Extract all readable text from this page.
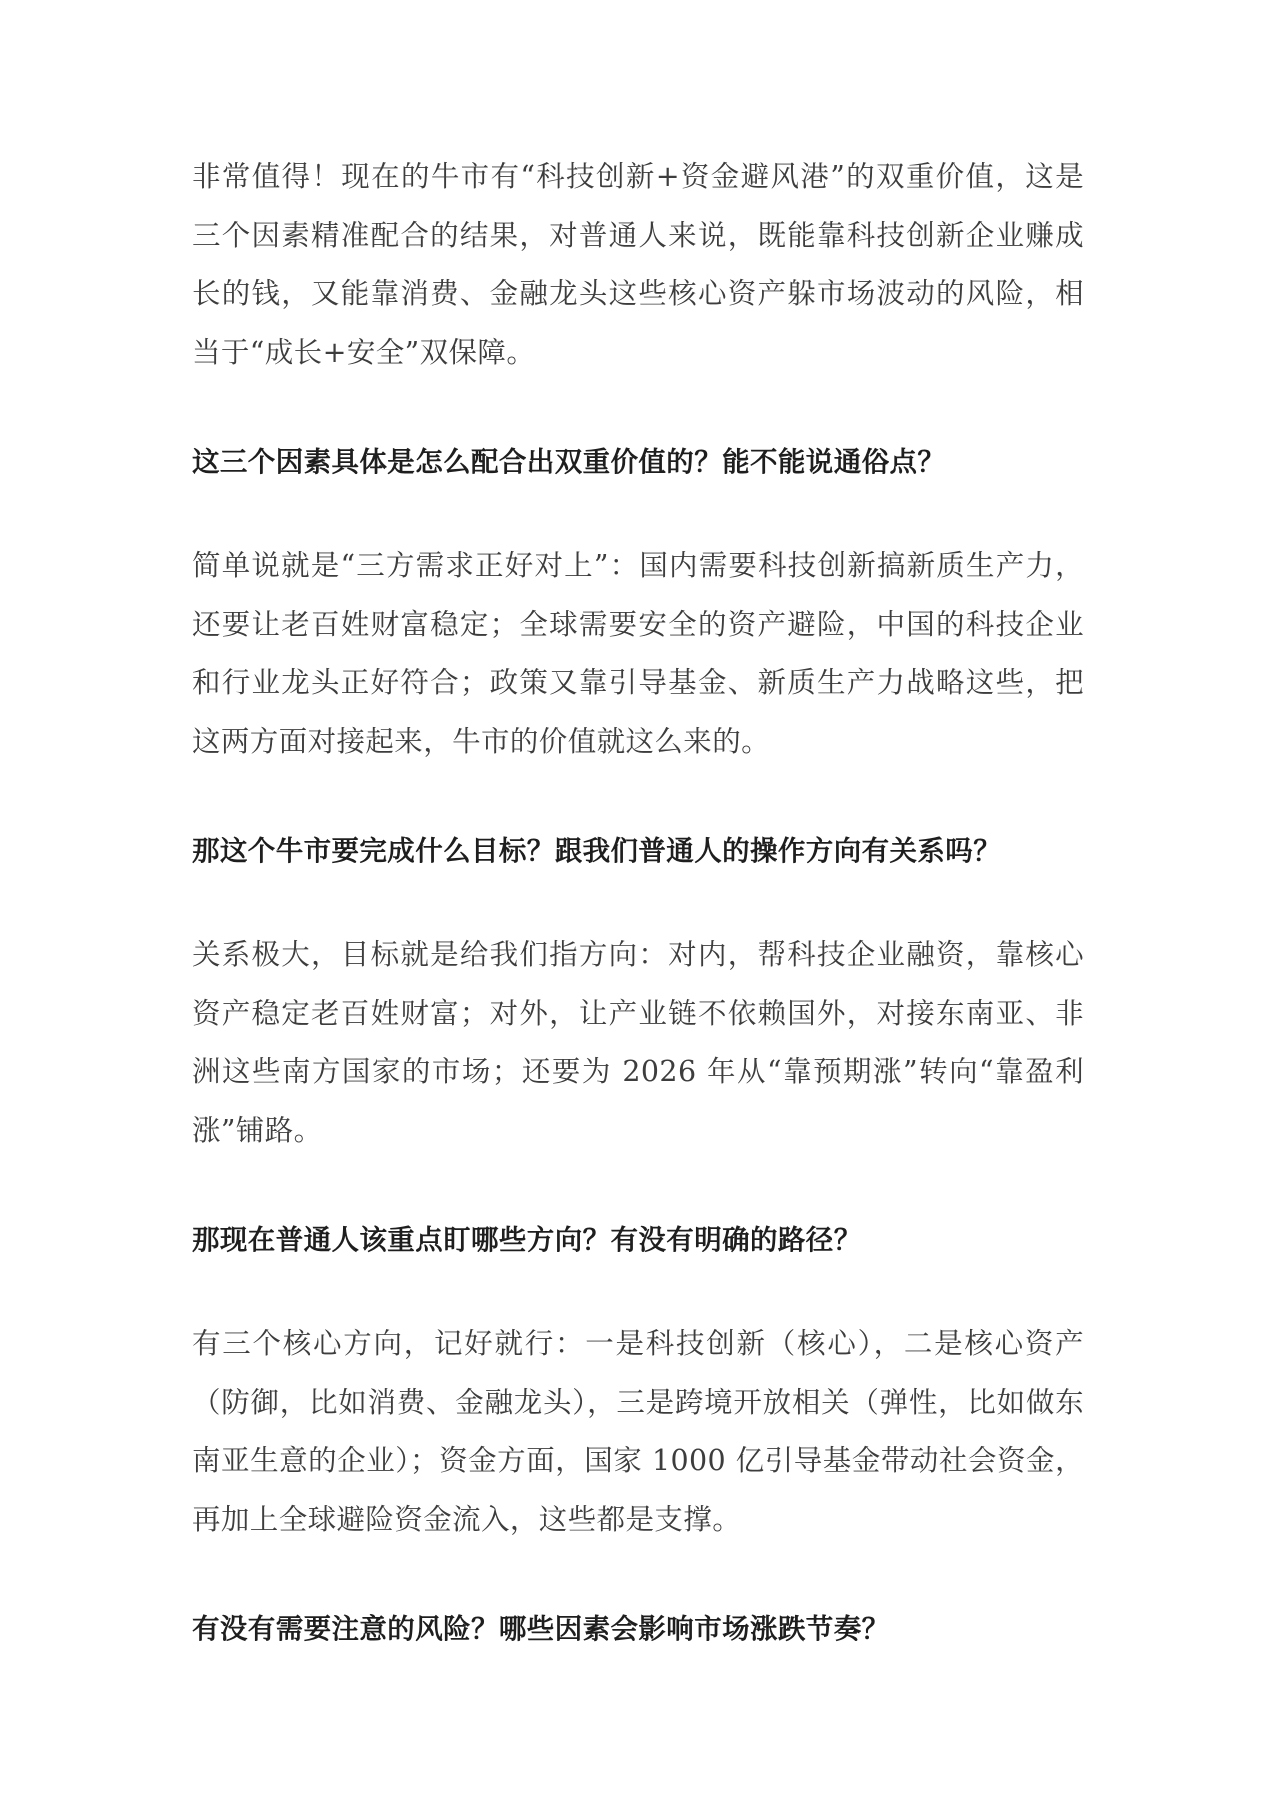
非常值得！现在的牛市有“科技创新+资金避风港”的双重价值，这是三个因素精准配合的结果，对普通人来说，既能靠科技创新企业赚成长的钱，又能靠消费、金融龙头这些核心资产躲市场波动的风险，相当于“成长+安全”双保障。

这三个因素具体是怎么配合出双重价值的？能不能说通俗点？

简单说就是“三方需求正好对上”：国内需要科技创新搞新质生产力，还要让老百姓财富稳定；全球需要安全的资产避险，中国的科技企业和行业龙头正好符合；政策又靠引导基金、新质生产力战略这些，把这两方面对接起来，牛市的价值就这么来的。

那这个牛市要完成什么目标？跟我们普通人的操作方向有关系吗？

关系极大，目标就是给我们指方向：对内，帮科技企业融资，靠核心资产稳定老百姓财富；对外，让产业链不依赖国外，对接东南亚、非洲这些南方国家的市场；还要为 2026 年从“靠预期涨”转向“靠盈利涨”铺路。

那现在普通人该重点盯哪些方向？有没有明确的路径？

有三个核心方向，记好就行：一是科技创新（核心），二是核心资产（防御，比如消费、金融龙头），三是跨境开放相关（弹性，比如做东南亚生意的企业）；资金方面，国家 1000 亿引导基金带动社会资金，再加上全球避险资金流入，这些都是支撑。

有没有需要注意的风险？哪些因素会影响市场涨跌节奏？
